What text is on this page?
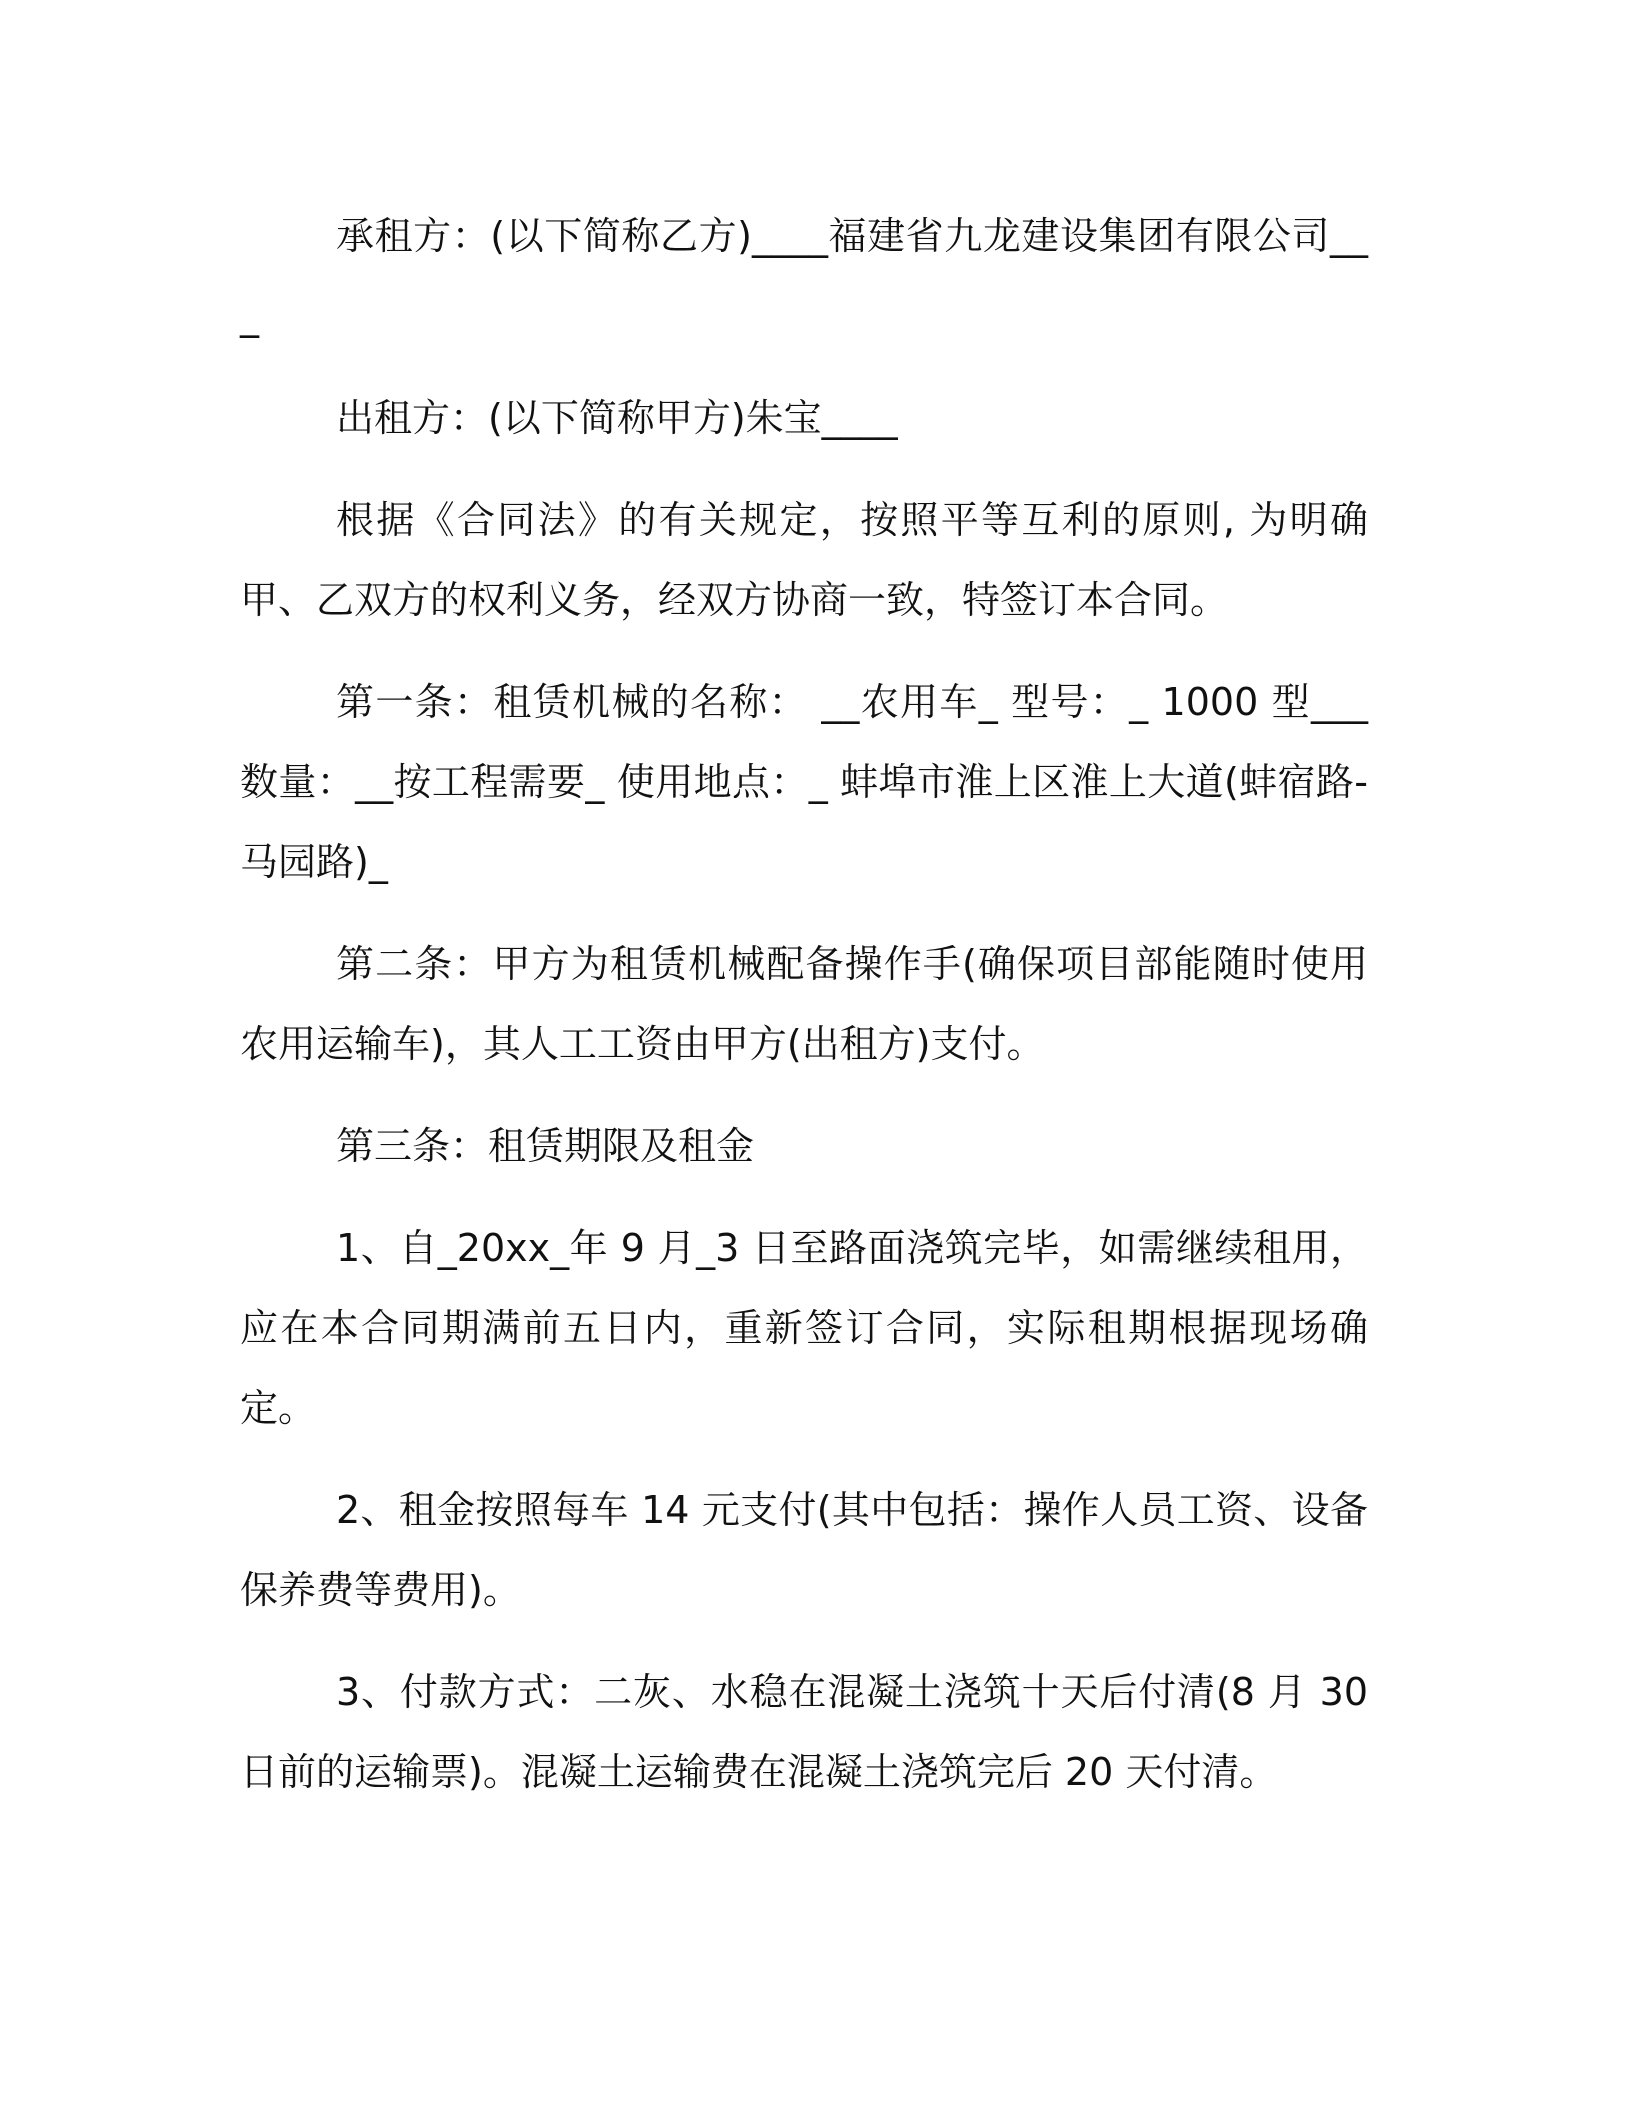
承租方：(以下简称乙方)____福建省九龙建设集团有限公司___

出租方：(以下简称甲方)朱宝____

根据《合同法》的有关规定，按照平等互利的原则, 为明确甲、乙双方的权利义务，经双方协商一致，特签订本合同。

第一条：租赁机械的名称： __农用车_ 型号：_ 1000 型___ 数量：__按工程需要_ 使用地点：_ 蚌埠市淮上区淮上大道(蚌宿路-马园路)_

第二条：甲方为租赁机械配备操作手(确保项目部能随时使用农用运输车)，其人工工资由甲方(出租方)支付。

第三条：租赁期限及租金

1、自_20xx_年 9 月_3 日至路面浇筑完毕，如需继续租用，应在本合同期满前五日内，重新签订合同，实际租期根据现场确定。

2、租金按照每车 14 元支付(其中包括：操作人员工资、设备保养费等费用)。

3、付款方式：二灰、水稳在混凝土浇筑十天后付清(8 月 30 日前的运输票)。混凝土运输费在混凝土浇筑完后 20 天付清。
